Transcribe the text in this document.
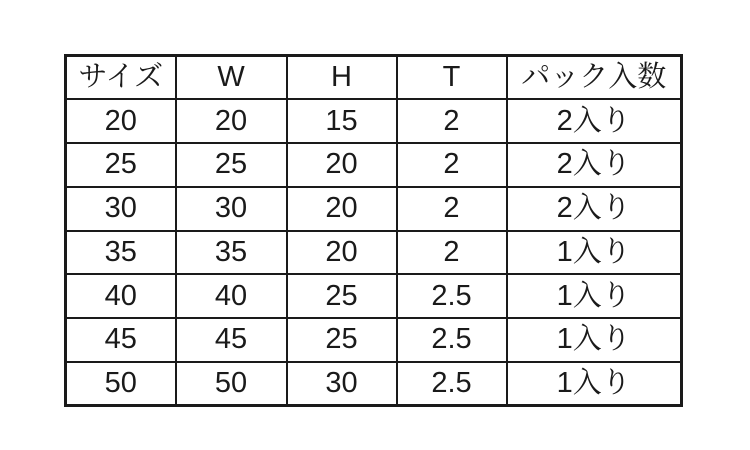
サイズ	W	H	T	パック入数
20	20	15	2	2入り
25	25	20	2	2入り
30	30	20	2	2入り
35	35	20	2	1入り
40	40	25	2.5	1入り
45	45	25	2.5	1入り
50	50	30	2.5	1入り
